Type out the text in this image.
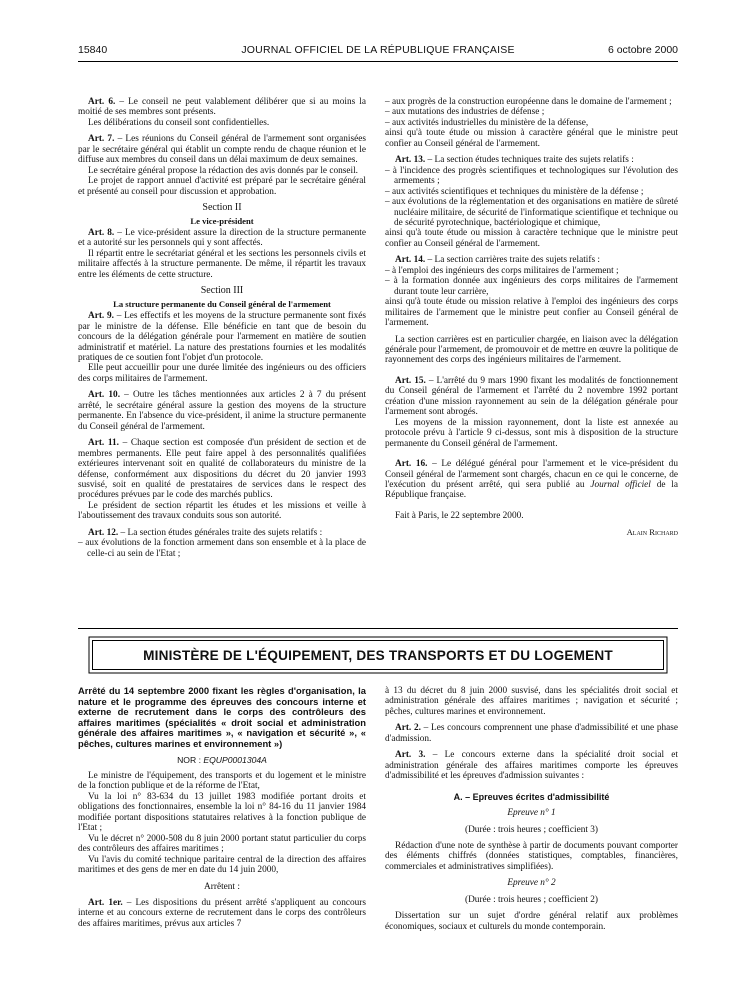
15840	JOURNAL OFFICIEL DE LA RÉPUBLIQUE FRANÇAISE	6 octobre 2000

Art. 6. – Le conseil ne peut valablement délibérer que si au moins la moitié de ses membres sont présents.

Les délibérations du conseil sont confidentielles.

Art. 7. – Les réunions du Conseil général de l'armement sont organisées par le secrétaire général qui établit un compte rendu de chaque réunion et le diffuse aux membres du conseil dans un délai maximum de deux semaines.

Le secrétaire général propose la rédaction des avis donnés par le conseil.

Le projet de rapport annuel d'activité est préparé par le secrétaire général et présenté au conseil pour discussion et approbation.

Section II
Le vice-président

Art. 8. – Le vice-président assure la direction de la structure permanente et a autorité sur les personnels qui y sont affectés.

Il répartit entre le secrétariat général et les sections les personnels civils et militaire affectés à la structure permanente. De même, il répartit les travaux entre les éléments de cette structure.

Section III
La structure permanente du Conseil général de l'armement

Art. 9. – Les effectifs et les moyens de la structure permanente sont fixés par le ministre de la défense. Elle bénéficie en tant que de besoin du concours de la délégation générale pour l'armement en matière de soutien administratif et matériel. La nature des prestations fournies et les modalités pratiques de ce soutien font l'objet d'un protocole.

Elle peut accueillir pour une durée limitée des ingénieurs ou des officiers des corps militaires de l'armement.

Art. 10. – Outre les tâches mentionnées aux articles 2 à 7 du présent arrêté, le secrétaire général assure la gestion des moyens de la structure permanente. En l'absence du vice-président, il anime la structure permanente du Conseil général de l'armement.

Art. 11. – Chaque section est composée d'un président de section et de membres permanents. Elle peut faire appel à des personnalités qualifiées extérieures intervenant soit en qualité de collaborateurs du ministre de la défense, conformément aux dispositions du décret du 20 janvier 1993 susvisé, soit en qualité de prestataires de services dans le respect des procédures prévues par le code des marchés publics.

Le président de section répartit les études et les missions et veille à l'aboutissement des travaux conduits sous son autorité.

Art. 12. – La section études générales traite des sujets relatifs :

– aux évolutions de la fonction armement dans son ensemble et à la place de celle-ci au sein de l'Etat ;

– aux progrès de la construction européenne dans le domaine de l'armement ;

– aux mutations des industries de défense ;

– aux activités industrielles du ministère de la défense,

ainsi qu'à toute étude ou mission à caractère général que le ministre peut confier au Conseil général de l'armement.

Art. 13. – La section études techniques traite des sujets relatifs :

– à l'incidence des progrès scientifiques et technologiques sur l'évolution des armements ;

– aux activités scientifiques et techniques du ministère de la défense ;

– aux évolutions de la réglementation et des organisations en matière de sûreté nucléaire militaire, de sécurité de l'informatique scientifique et technique ou de sécurité pyrotechnique, bactériologique et chimique,

ainsi qu'à toute étude ou mission à caractère technique que le ministre peut confier au Conseil général de l'armement.

Art. 14. – La section carrières traite des sujets relatifs :

– à l'emploi des ingénieurs des corps militaires de l'armement ;

– à la formation donnée aux ingénieurs des corps militaires de l'armement durant toute leur carrière,

ainsi qu'à toute étude ou mission relative à l'emploi des ingénieurs des corps militaires de l'armement que le ministre peut confier au Conseil général de l'armement.

La section carrières est en particulier chargée, en liaison avec la délégation générale pour l'armement, de promouvoir et de mettre en œuvre la politique de rayonnement des corps des ingénieurs militaires de l'armement.

Art. 15. – L'arrêté du 9 mars 1990 fixant les modalités de fonctionnement du Conseil général de l'armement et l'arrêté du 2 novembre 1992 portant création d'une mission rayonnement au sein de la délégation générale pour l'armement sont abrogés.

Les moyens de la mission rayonnement, dont la liste est annexée au protocole prévu à l'article 9 ci-dessus, sont mis à disposition de la structure permanente du Conseil général de l'armement.

Art. 16. – Le délégué général pour l'armement et le vice-président du Conseil général de l'armement sont chargés, chacun en ce qui le concerne, de l'exécution du présent arrêté, qui sera publié au Journal officiel de la République française.

Fait à Paris, le 22 septembre 2000.

Alain Richard
MINISTÈRE DE L'ÉQUIPEMENT, DES TRANSPORTS ET DU LOGEMENT
Arrêté du 14 septembre 2000 fixant les règles d'organisation, la nature et le programme des épreuves des concours interne et externe de recrutement dans le corps des contrôleurs des affaires maritimes (spécialités « droit social et administration générale des affaires maritimes », « navigation et sécurité », « pêches, cultures marines et environnement »)
NOR : EQUP0001304A

Le ministre de l'équipement, des transports et du logement et le ministre de la fonction publique et de la réforme de l'Etat,

Vu la loi n° 83-634 du 13 juillet 1983 modifiée portant droits et obligations des fonctionnaires, ensemble la loi n° 84-16 du 11 janvier 1984 modifiée portant dispositions statutaires relatives à la fonction publique de l'Etat ;

Vu le décret n° 2000-508 du 8 juin 2000 portant statut particulier du corps des contrôleurs des affaires maritimes ;

Vu l'avis du comité technique paritaire central de la direction des affaires maritimes et des gens de mer en date du 14 juin 2000,

Arrêtent :

Art. 1er. – Les dispositions du présent arrêté s'appliquent au concours interne et au concours externe de recrutement dans le corps des contrôleurs des affaires maritimes, prévus aux articles 7

à 13 du décret du 8 juin 2000 susvisé, dans les spécialités droit social et administration générale des affaires maritimes ; navigation et sécurité ; pêches, cultures marines et environnement.

Art. 2. – Les concours comprennent une phase d'admissibilité et une phase d'admission.

Art. 3. – Le concours externe dans la spécialité droit social et administration générale des affaires maritimes comporte les épreuves d'admissibilité et les épreuves d'admission suivantes :

A. – Epreuves écrites d'admissibilité

Epreuve n° 1

(Durée : trois heures ; coefficient 3)

Rédaction d'une note de synthèse à partir de documents pouvant comporter des éléments chiffrés (données statistiques, comptables, financières, commerciales et administratives simplifiées).

Epreuve n° 2

(Durée : trois heures ; coefficient 2)

Dissertation sur un sujet d'ordre général relatif aux problèmes économiques, sociaux et culturels du monde contemporain.
